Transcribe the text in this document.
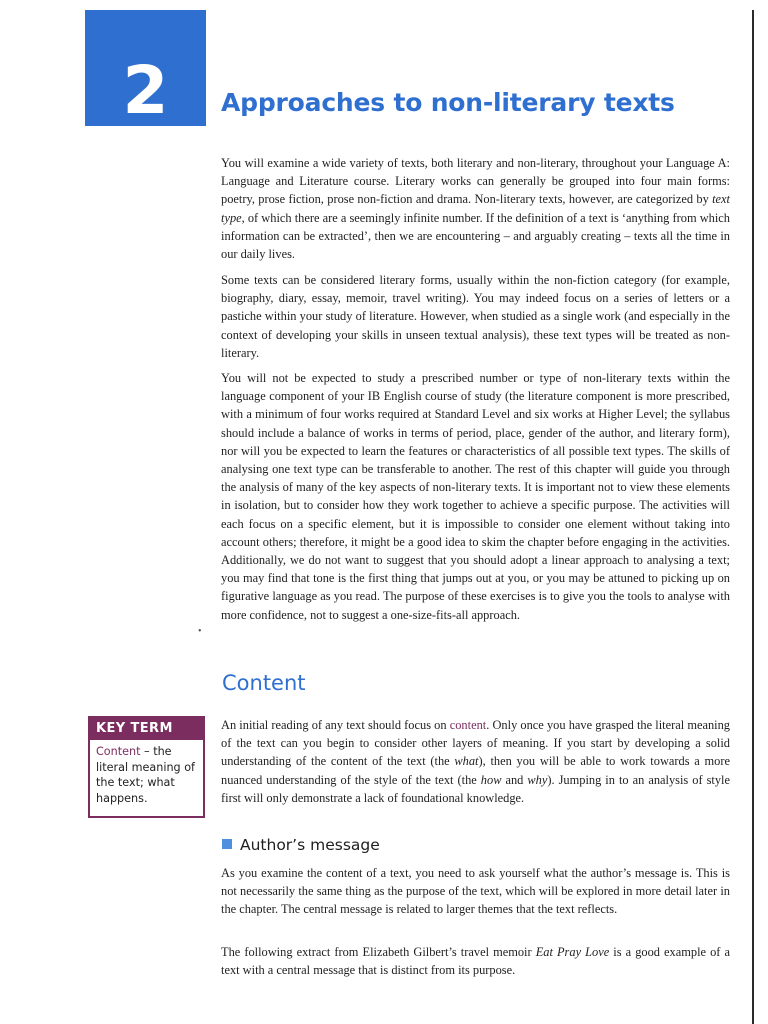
2	Approaches to non-literary texts

You will examine a wide variety of texts, both literary and non-literary, throughout your Language A: Language and Literature course. Literary works can generally be grouped into four main forms: poetry, prose fiction, prose non-fiction and drama. Non-literary texts, however, are categorized by text type, of which there are a seemingly infinite number. If the definition of a text is ‘anything from which information can be extracted’, then we are encountering – and arguably creating – texts all the time in our daily lives.

Some texts can be considered literary forms, usually within the non-fiction category (for example, biography, diary, essay, memoir, travel writing). You may indeed focus on a series of letters or a pastiche within your study of literature. However, when studied as a single work (and especially in the context of developing your skills in unseen textual analysis), these text types will be treated as non-literary.

You will not be expected to study a prescribed number or type of non-literary texts within the language component of your IB English course of study (the literature component is more prescribed, with a minimum of four works required at Standard Level and six works at Higher Level; the syllabus should include a balance of works in terms of period, place, gender of the author, and literary form), nor will you be expected to learn the features or characteristics of all possible text types. The skills of analysing one text type can be transferable to another. The rest of this chapter will guide you through the analysis of many of the key aspects of non-literary texts. It is important not to view these elements in isolation, but to consider how they work together to achieve a specific purpose. The activities will each focus on a specific element, but it is impossible to consider one element without taking into account others; therefore, it might be a good idea to skim the chapter before engaging in the activities. Additionally, we do not want to suggest that you should adopt a linear approach to analysing a text; you may find that tone is the first thing that jumps out at you, or you may be attuned to picking up on figurative language as you read. The purpose of these exercises is to give you the tools to analyse with more confidence, not to suggest a one-size-fits-all approach.

•
Content

An initial reading of any text should focus on content. Only once you have grasped the literal meaning of the text can you begin to consider other layers of meaning. If you start by developing a solid understanding of the content of the text (the what), then you will be able to work towards a more nuanced understanding of the style of the text (the how and why). Jumping in to an analysis of style first will only demonstrate a lack of foundational knowledge.

KEY TERM
Content – the literal meaning of the text; what happens.
Author’s message

As you examine the content of a text, you need to ask yourself what the author’s message is. This is not necessarily the same thing as the purpose of the text, which will be explored in more detail later in the chapter. The central message is related to larger themes that the text reflects.

The following extract from Elizabeth Gilbert’s travel memoir Eat Pray Love is a good example of a text with a central message that is distinct from its purpose.
